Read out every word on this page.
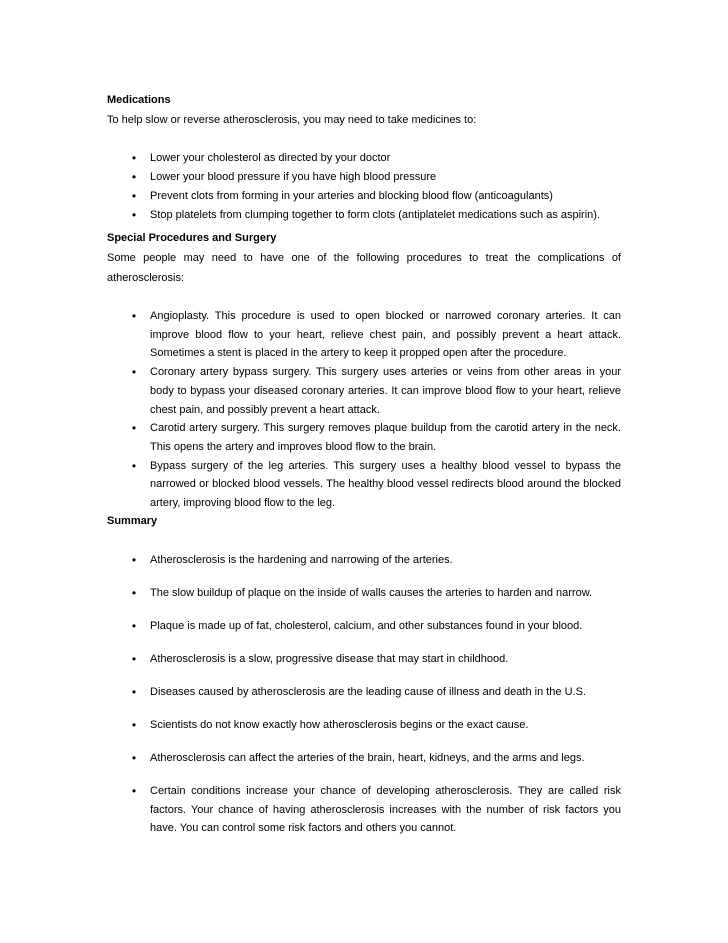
Medications
To help slow or reverse atherosclerosis, you may need to take medicines to:
•	Lower your cholesterol as directed by your doctor
•	Lower your blood pressure if you have high blood pressure
•	Prevent clots from forming in your arteries and blocking blood flow (anticoagulants)
•	Stop platelets from clumping together to form clots (antiplatelet medications such as aspirin).
Special Procedures and Surgery
Some people may need to have one of the following procedures to treat the complications of atherosclerosis:
•	Angioplasty. This procedure is used to open blocked or narrowed coronary arteries. It can improve blood flow to your heart, relieve chest pain, and possibly prevent a heart attack. Sometimes a stent is placed in the artery to keep it propped open after the procedure.
•	Coronary artery bypass surgery. This surgery uses arteries or veins from other areas in your body to bypass your diseased coronary arteries. It can improve blood flow to your heart, relieve chest pain, and possibly prevent a heart attack.
•	Carotid artery surgery. This surgery removes plaque buildup from the carotid artery in the neck. This opens the artery and improves blood flow to the brain.
•	Bypass surgery of the leg arteries. This surgery uses a healthy blood vessel to bypass the narrowed or blocked blood vessels. The healthy blood vessel redirects blood around the blocked artery, improving blood flow to the leg.
Summary
•	Atherosclerosis is the hardening and narrowing of the arteries.
•	The slow buildup of plaque on the inside of walls causes the arteries to harden and narrow.
•	Plaque is made up of fat, cholesterol, calcium, and other substances found in your blood.
•	Atherosclerosis is a slow, progressive disease that may start in childhood.
•	Diseases caused by atherosclerosis are the leading cause of illness and death in the U.S.
•	Scientists do not know exactly how atherosclerosis begins or the exact cause.
•	Atherosclerosis can affect the arteries of the brain, heart, kidneys, and the arms and legs.
•	Certain conditions increase your chance of developing atherosclerosis. They are called risk factors. Your chance of having atherosclerosis increases with the number of risk factors you have. You can control some risk factors and others you cannot.
